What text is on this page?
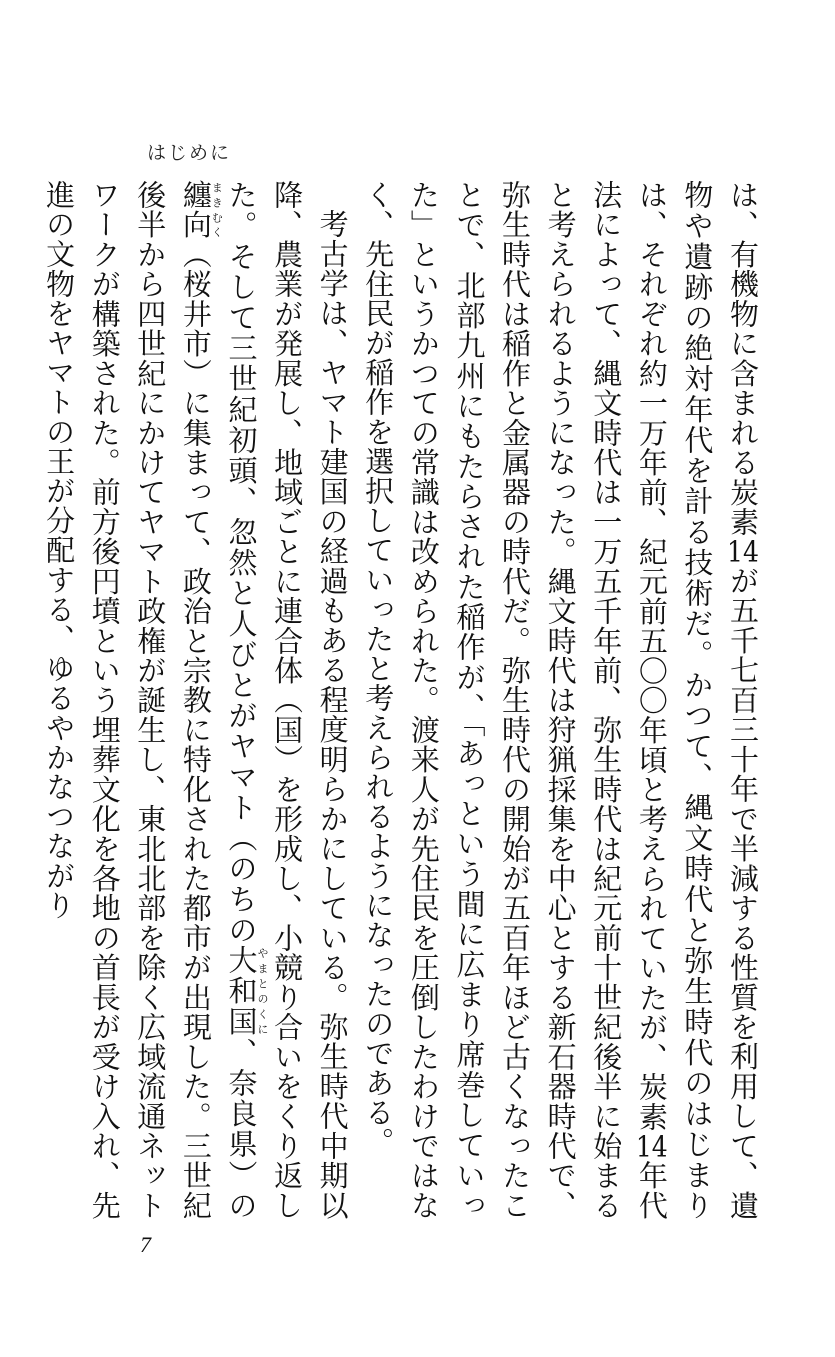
はじめに

は、有機物に含まれる炭素14が五千七百三十年で半減する性質を利用して、遺物や遺跡の絶対年代を計る技術だ。かつて、縄文時代と弥生時代のはじまりは、それぞれ約一万年前、紀元前五〇〇年頃と考えられていたが、炭素14年代法によって、縄文時代は一万五千年前、弥生時代は紀元前十世紀後半に始まると考えられるようになった。縄文時代は狩猟採集を中心とする新石器時代で、弥生時代は稲作と金属器の時代だ。弥生時代の開始が五百年ほど古くなったことで、北部九州にもたらされた稲作が、「あっという間に広まり席巻していった」というかつての常識は改められた。渡来人が先住民を圧倒したわけではなく、先住民が稲作を選択していったと考えられるようになったのである。

考古学は、ヤマト建国の経過もある程度明らかにしている。弥生時代中期以降、農業が発展し、地域ごとに連合体（国）を形成し、小競り合いをくり返した。そして三世紀初頭、忽然と人びとがヤマト（のちの大和国やまとのくに、奈良県）の纏向まきむく（桜井市）に集まって、政治と宗教に特化された都市が出現した。三世紀後半から四世紀にかけてヤマト政権が誕生し、東北北部を除く広域流通ネットワークが構築された。前方後円墳という埋葬文化を各地の首長が受け入れ、先進の文物をヤマトの王が分配する、ゆるやかなつながり

7
